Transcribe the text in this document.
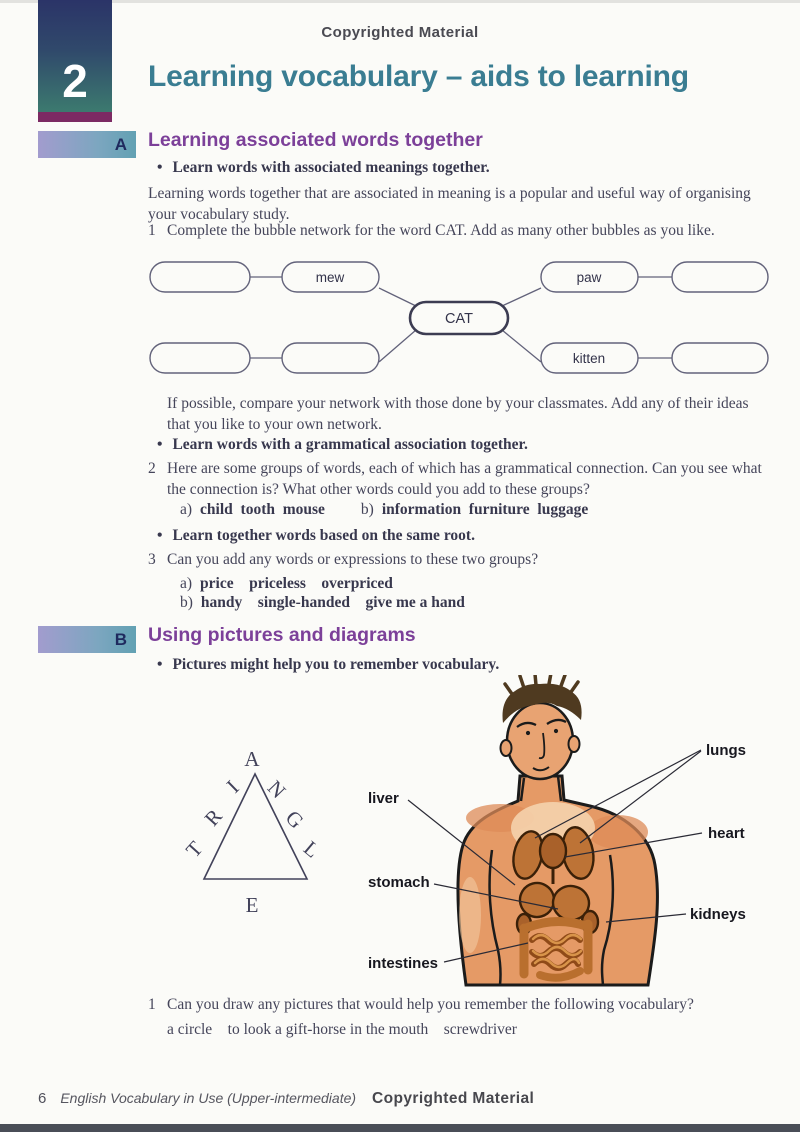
Copyrighted Material
2 Learning vocabulary – aids to learning
A Learning associated words together
• Learn words with associated meanings together.
Learning words together that are associated in meaning is a popular and useful way of organising your vocabulary study.
1 Complete the bubble network for the word CAT. Add as many other bubbles as you like.
mew	paw
CAT
kitten
If possible, compare your network with those done by your classmates. Add any of their ideas that you like to your own network.
• Learn words with a grammatical association together.
2 Here are some groups of words, each of which has a grammatical connection. Can you see what the connection is? What other words could you add to these groups?
a) child  tooth  mouse b) information  furniture  luggage
• Learn together words based on the same root.
3 Can you add any words or expressions to these two groups?
a) price    priceless    overpriced
b) handy    single-handed    give me a hand
B Using pictures and diagrams
• Pictures might help you to remember vocabulary.
T
R
I
A
N
G
L
E
liver
lungs
heart
stomach
kidneys
intestines
1 Can you draw any pictures that would help you remember the following vocabulary?
a circle    to look a gift-horse in the mouth    screwdriver
6 English Vocabulary in Use (Upper-intermediate) Copyrighted Material
